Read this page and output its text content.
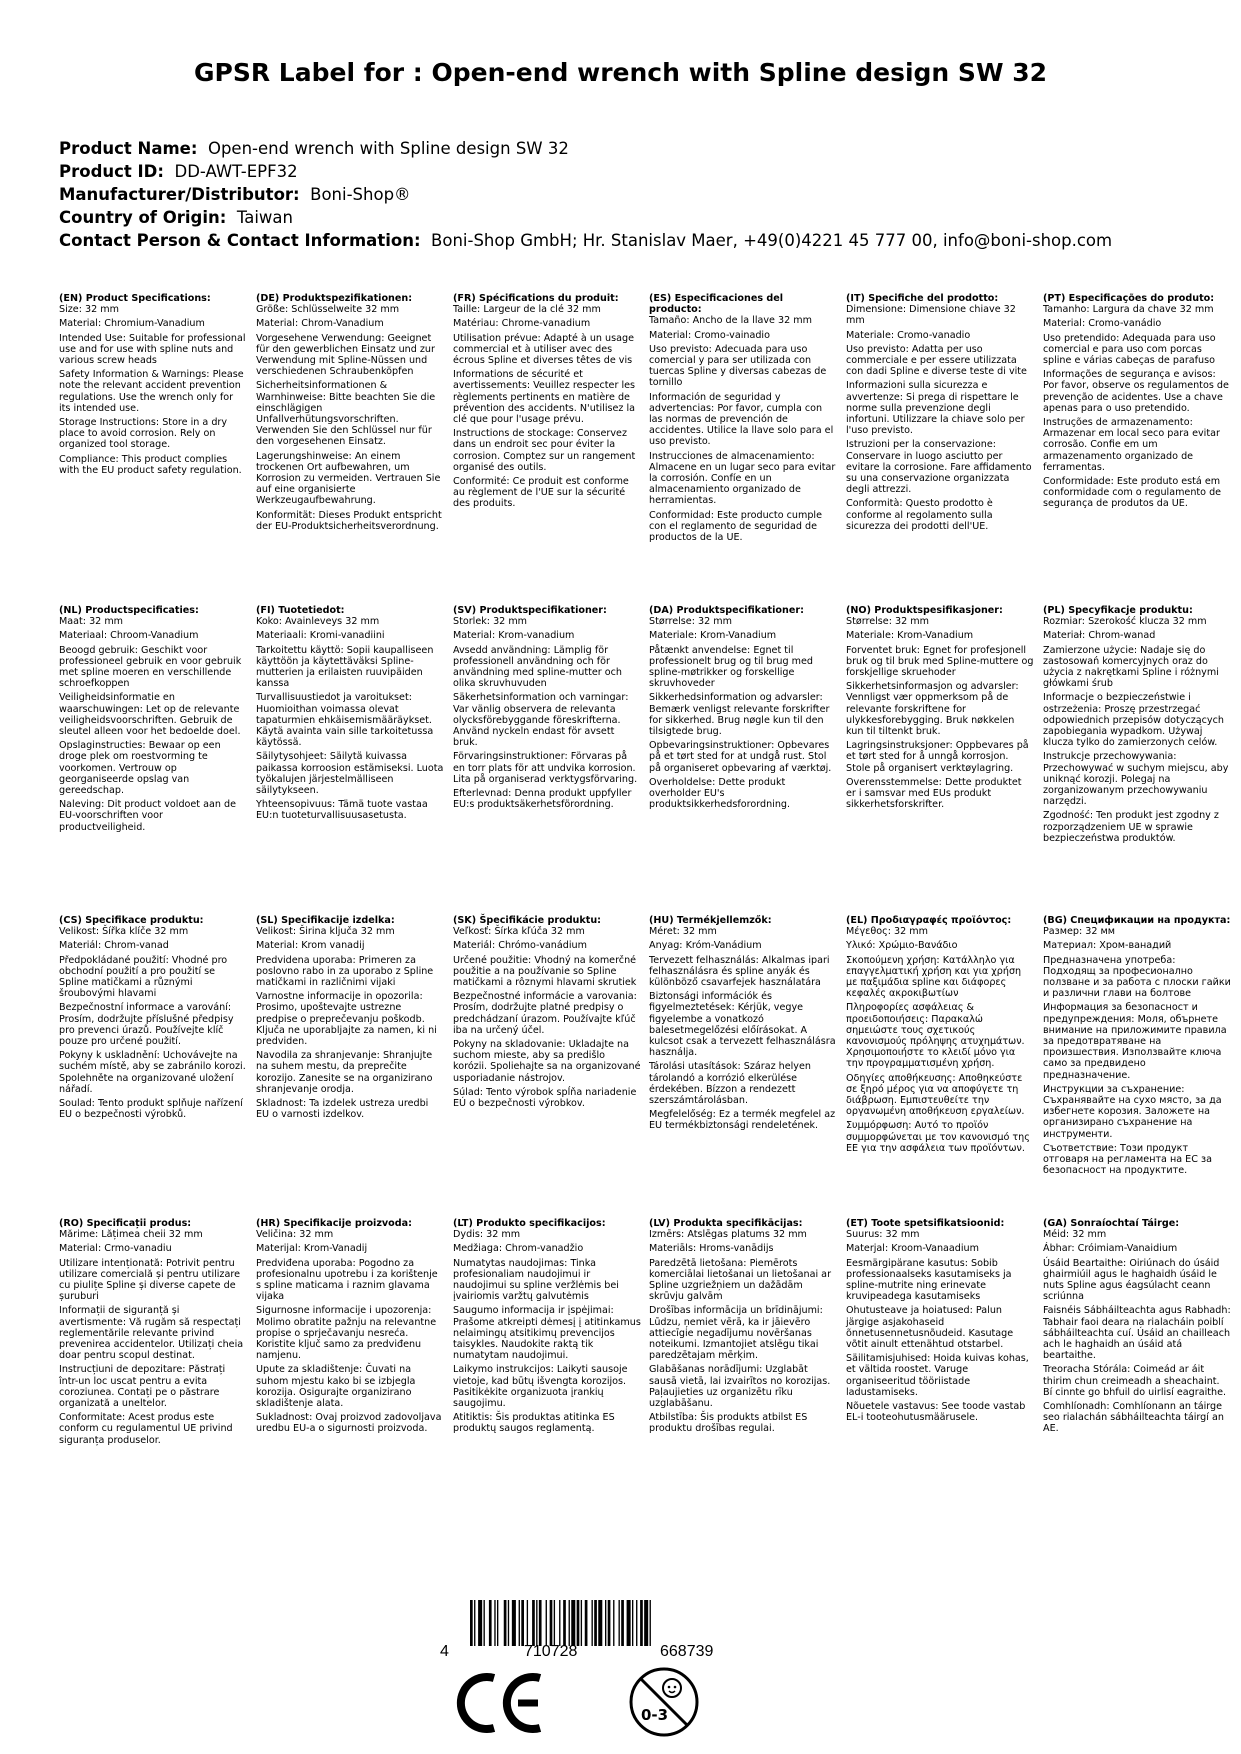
GPSR Label for : Open-end wrench with Spline design SW 32
Product Name: Open-end wrench with Spline design SW 32
Product ID: DD-AWT-EPF32
Manufacturer/Distributor: Boni-Shop®
Country of Origin: Taiwan
Contact Person & Contact Information: Boni-Shop GmbH; Hr. Stanislav Maer, +49(0)4221 45 777 00, info@boni-shop.com
(EN) Product Specifications:
Size: 32 mm
Material: Chromium-Vanadium
Intended Use: Suitable for professional use and for use with spline nuts and various screw heads
Safety Information & Warnings: Please note the relevant accident prevention regulations. Use the wrench only for its intended use.
Storage Instructions: Store in a dry place to avoid corrosion. Rely on organized tool storage.
Compliance: This product complies with the EU product safety regulation.
(DE) Produktspezifikationen:
Größe: Schlüsselweite 32 mm
Material: Chrom-Vanadium
Vorgesehene Verwendung: Geeignet für den gewerblichen Einsatz und zur Verwendung mit Spline-Nüssen und verschiedenen Schraubenköpfen
Sicherheitsinformationen & Warnhinweise: Bitte beachten Sie die einschlägigen Unfallverhütungsvorschriften. Verwenden Sie den Schlüssel nur für den vorgesehenen Einsatz.
Lagerungshinweise: An einem trockenen Ort aufbewahren, um Korrosion zu vermeiden. Vertrauen Sie auf eine organisierte Werkzeugaufbewahrung.
Konformität: Dieses Produkt entspricht der EU-Produktsicherheitsverordnung.
(FR) Spécifications du produit:
Taille: Largeur de la clé 32 mm
Matériau: Chrome-vanadium
Utilisation prévue: Adapté à un usage commercial et à utiliser avec des écrous Spline et diverses têtes de vis
Informations de sécurité et avertissements: Veuillez respecter les règlements pertinents en matière de prévention des accidents. N'utilisez la clé que pour l'usage prévu.
Instructions de stockage: Conservez dans un endroit sec pour éviter la corrosion. Comptez sur un rangement organisé des outils.
Conformité: Ce produit est conforme au règlement de l'UE sur la sécurité des produits.
(ES) Especificaciones del producto:
Tamaño: Ancho de la llave 32 mm
Material: Cromo-vainadio
Uso previsto: Adecuada para uso comercial y para ser utilizada con tuercas Spline y diversas cabezas de tornillo
Información de seguridad y advertencias: Por favor, cumpla con las normas de prevención de accidentes. Utilice la llave solo para el uso previsto.
Instrucciones de almacenamiento: Almacene en un lugar seco para evitar la corrosión. Confíe en un almacenamiento organizado de herramientas.
Conformidad: Este producto cumple con el reglamento de seguridad de productos de la UE.
(IT) Specifiche del prodotto:
Dimensione: Dimensione chiave 32 mm
Materiale: Cromo-vanadio
Uso previsto: Adatta per uso commerciale e per essere utilizzata con dadi Spline e diverse teste di vite
Informazioni sulla sicurezza e avvertenze: Si prega di rispettare le norme sulla prevenzione degli infortuni. Utilizzare la chiave solo per l'uso previsto.
Istruzioni per la conservazione: Conservare in luogo asciutto per evitare la corrosione. Fare affidamento su una conservazione organizzata degli attrezzi.
Conformità: Questo prodotto è conforme al regolamento sulla sicurezza dei prodotti dell'UE.
(PT) Especificações do produto:
Tamanho: Largura da chave 32 mm
Material: Cromo-vanádio
Uso pretendido: Adequada para uso comercial e para uso com porcas spline e várias cabeças de parafuso
Informações de segurança e avisos: Por favor, observe os regulamentos de prevenção de acidentes. Use a chave apenas para o uso pretendido.
Instruções de armazenamento: Armazenar em local seco para evitar corrosão. Confie em um armazenamento organizado de ferramentas.
Conformidade: Este produto está em conformidade com o regulamento de segurança de produtos da UE.
(NL) Productspecificaties:
Maat: 32 mm
Materiaal: Chroom-Vanadium
Beoogd gebruik: Geschikt voor professioneel gebruik en voor gebruik met spline moeren en verschillende schroefkoppen
Veiligheidsinformatie en waarschuwingen: Let op de relevante veiligheidsvoorschriften. Gebruik de sleutel alleen voor het bedoelde doel.
Opslaginstructies: Bewaar op een droge plek om roestvorming te voorkomen. Vertrouw op georganiseerde opslag van gereedschap.
Naleving: Dit product voldoet aan de EU-voorschriften voor productveiligheid.
(FI) Tuotetiedot:
Koko: Avainleveys 32 mm
Materiaali: Kromi-vanadiini
Tarkoitettu käyttö: Sopii kaupalliseen käyttöön ja käytettäväksi Spline-mutterien ja erilaisten ruuvipäiden kanssa
Turvallisuustiedot ja varoitukset: Huomioithan voimassa olevat tapaturmien ehkäisemismääräykset. Käytä avainta vain sille tarkoitetussa käytössä.
Säilytysohjeet: Säilytä kuivassa paikassa korroosion estämiseksi. Luota työkalujen järjestelmälliseen säilytykseen.
Yhteensopivuus: Tämä tuote vastaa EU:n tuoteturvallisuusasetusta.
(SV) Produktspecifikationer:
Storlek: 32 mm
Material: Krom-vanadium
Avsedd användning: Lämplig för professionell användning och för användning med spline-mutter och olika skruvhuvuden
Säkerhetsinformation och varningar: Var vänlig observera de relevanta olycksförebyggande föreskrifterna. Använd nyckeln endast för avsett bruk.
Förvaringsinstruktioner: Förvaras på en torr plats för att undvika korrosion. Lita på organiserad verktygsförvaring.
Efterlevnad: Denna produkt uppfyller EU:s produktsäkerhetsförordning.
(DA) Produktspecifikationer:
Størrelse: 32 mm
Materiale: Krom-Vanadium
Påtænkt anvendelse: Egnet til professionelt brug og til brug med spline-møtrikker og forskellige skruvhoveder
Sikkerhedsinformation og advarsler: Bemærk venligst relevante forskrifter for sikkerhed. Brug nøgle kun til den tilsigtede brug.
Opbevaringsinstruktioner: Opbevares på et tørt sted for at undgå rust. Stol på organiseret opbevaring af værktøj.
Overholdelse: Dette produkt overholder EU's produktsikkerhedsforordning.
(NO) Produktspesifikasjoner:
Størrelse: 32 mm
Materiale: Krom-Vanadium
Forventet bruk: Egnet for profesjonell bruk og til bruk med Spline-muttere og forskjellige skruehoder
Sikkerhetsinformasjon og advarsler: Vennligst vær oppmerksom på de relevante forskriftene for ulykkesforebygging. Bruk nøkkelen kun til tiltenkt bruk.
Lagringsinstruksjoner: Oppbevares på et tørt sted for å unngå korrosjon. Stole på organisert verktøylagring.
Overensstemmelse: Dette produktet er i samsvar med EUs produkt sikkerhetsforskrifter.
(PL) Specyfikacje produktu:
Rozmiar: Szerokość klucza 32 mm
Materiał: Chrom-wanad
Zamierzone użycie: Nadaje się do zastosowań komercyjnych oraz do użycia z nakrętkami Spline i różnymi główkami śrub
Informacje o bezpieczeństwie i ostrzeżenia: Proszę przestrzegać odpowiednich przepisów dotyczących zapobiegania wypadkom. Używaj klucza tylko do zamierzonych celów.
Instrukcje przechowywania: Przechowywać w suchym miejscu, aby uniknąć korozji. Polegaj na zorganizowanym przechowywaniu narzędzi.
Zgodność: Ten produkt jest zgodny z rozporządzeniem UE w sprawie bezpieczeństwa produktów.
(CS) Specifikace produktu:
Velikost: Šířka klíče 32 mm
Materiál: Chrom-vanad
Předpokládané použití: Vhodné pro obchodní použití a pro použití se Spline matičkami a různými šroubovými hlavami
Bezpečnostní informace a varování: Prosím, dodržujte příslušné předpisy pro prevenci úrazů. Používejte klíč pouze pro určené použití.
Pokyny k uskladnění: Uchovávejte na suchém místě, aby se zabránilo korozi. Spolehněte na organizované uložení nářadí.
Soulad: Tento produkt splňuje nařízení EU o bezpečnosti výrobků.
(SL) Specifikacije izdelka:
Velikost: Širina ključa 32 mm
Material: Krom vanadij
Predvidena uporaba: Primeren za poslovno rabo in za uporabo z Spline matičkami in različnimi vijaki
Varnostne informacije in opozorila: Prosimo, upoštevajte ustrezne predpise o preprečevanju poškodb. Ključa ne uporabljajte za namen, ki ni predviden.
Navodila za shranjevanje: Shranjujte na suhem mestu, da preprečite korozijo. Zanesite se na organizirano shranjevanje orodja.
Skladnost: Ta izdelek ustreza uredbi EU o varnosti izdelkov.
(SK) Špecifikácie produktu:
Veľkosť: Šírka kľúča 32 mm
Materiál: Chrómo-vanádium
Určené použitie: Vhodný na komerčné použitie a na používanie so Spline matičkami a rôznymi hlavami skrutiek
Bezpečnostné informácie a varovania: Prosím, dodržujte platné predpisy o predchádzaní úrazom. Používajte kľúč iba na určený účel.
Pokyny na skladovanie: Ukladajte na suchom mieste, aby sa predišlo korózii. Spoliehajte sa na organizované usporiadanie nástrojov.
Súlad: Tento výrobok spĺňa nariadenie EÚ o bezpečnosti výrobkov.
(HU) Termékjellemzők:
Méret: 32 mm
Anyag: Króm-Vanádium
Tervezett felhasználás: Alkalmas ipari felhasználásra és spline anyák és különböző csavarfejek használatára
Biztonsági információk és figyelmeztetések: Kérjük, vegye figyelembe a vonatkozó balesetmegelőzési előírásokat. A kulcsot csak a tervezett felhasználásra használja.
Tárolási utasítások: Száraz helyen tárolandó a korrózió elkerülése érdekében. Bízzon a rendezett szerszámtárolásban.
Megfelelőség: Ez a termék megfelel az EU termékbiztonsági rendeletének.
(EL) Προδιαγραφές προϊόντος:
Μέγεθος: 32 mm
Υλικό: Χρώμιο-Βανάδιο
Σκοπούμενη χρήση: Κατάλληλο για επαγγελματική χρήση και για χρήση με παξιμάδια spline και διάφορες κεφαλές ακροκιβωτίων
Πληροφορίες ασφάλειας & προειδοποιήσεις: Παρακαλώ σημειώστε τους σχετικούς κανονισμούς πρόληψης ατυχημάτων. Χρησιμοποιήστε το κλειδί μόνο για την προγραμματισμένη χρήση.
Οδηγίες αποθήκευσης: Αποθηκεύστε σε ξηρό μέρος για να αποφύγετε τη διάβρωση. Εμπιστευθείτε την οργανωμένη αποθήκευση εργαλείων.
Συμμόρφωση: Αυτό το προϊόν συμμορφώνεται με τον κανονισμό της ΕΕ για την ασφάλεια των προϊόντων.
(BG) Спецификации на продукта:
Размер: 32 мм
Материал: Хром-ванадий
Предназначена употреба: Подходящ за професионално ползване и за работа с плоски гайки и различни глави на болтове
Информация за безопасност и предупреждения: Моля, обърнете внимание на приложимите правила за предотвратяване на произшествия. Използвайте ключа само за предвидено предназначение.
Инструкции за съхранение: Съхранявайте на сухо място, за да избегнете корозия. Заложете на организирано съхранение на инструменти.
Съответствие: Този продукт отговаря на регламента на ЕС за безопасност на продуктите.
(RO) Specificații produs:
Mărime: Lățimea cheii 32 mm
Material: Crmo-vanadiu
Utilizare intenționată: Potrivit pentru utilizare comercială și pentru utilizare cu piulițe Spline și diverse capete de șuruburi
Informații de siguranță și avertismente: Vă rugăm să respectați reglementările relevante privind prevenirea accidentelor. Utilizați cheia doar pentru scopul destinat.
Instrucțiuni de depozitare: Păstrați într-un loc uscat pentru a evita coroziunea. Contați pe o păstrare organizată a uneltelor.
Conformitate: Acest produs este conform cu regulamentul UE privind siguranța produselor.
(HR) Specifikacije proizvoda:
Veličina: 32 mm
Materijal: Krom-Vanadij
Predviđena uporaba: Pogodno za profesionalnu upotrebu i za korištenje s spline maticama i raznim glavama vijaka
Sigurnosne informacije i upozorenja: Molimo obratite pažnju na relevantne propise o sprječavanju nesreća. Koristite ključ samo za predviđenu namjenu.
Upute za skladištenje: Čuvati na suhom mjestu kako bi se izbjegla korozija. Osigurajte organizirano skladištenje alata.
Sukladnost: Ovaj proizvod zadovoljava uredbu EU-a o sigurnosti proizvoda.
(LT) Produkto specifikacijos:
Dydis: 32 mm
Medžiaga: Chrom-vanadžio
Numatytas naudojimas: Tinka profesionaliam naudojimui ir naudojimui su spline veržlėmis bei įvairiomis varžtų galvutėmis
Saugumo informacija ir įspėjimai: Prašome atkreipti dėmesį į atitinkamus nelaimingų atsitikimų prevencijos taisykles. Naudokite raktą tik numatytam naudojimui.
Laikymo instrukcijos: Laikyti sausoje vietoje, kad būtų išvengta korozijos. Pasitikėkite organizuota įrankių saugojimu.
Atitiktis: Šis produktas atitinka ES produktų saugos reglamentą.
(LV) Produkta specifikācijas:
Izmērs: Atslēgas platums 32 mm
Materiāls: Hroms-vanādijs
Paredzētā lietošana: Piemērots komerciālai lietošanai un lietošanai ar Spline uzgriežņiem un dažādām skrūvju galvām
Drošības informācija un brīdinājumi: Lūdzu, ņemiet vērā, ka ir jāievēro attiecīgie negadījumu novēršanas noteikumi. Izmantojiet atslēgu tikai paredzētajam mērķim.
Glabāšanas norādījumi: Uzglabāt sausā vietā, lai izvairītos no korozijas. Paļaujieties uz organizētu rīku uzglabāšanu.
Atbilstība: Šis produkts atbilst ES produktu drošības regulai.
(ET) Toote spetsifikatsioonid:
Suurus: 32 mm
Materjal: Kroom-Vanaadium
Eesmärgipärane kasutus: Sobib professionaalseks kasutamiseks ja spline-mutrite ning erinevate kruvipeadega kasutamiseks
Ohutusteave ja hoiatused: Palun järgige asjakohaseid õnnetusennetusnõudeid. Kasutage võtit ainult ettenähtud otstarbel.
Säilitamisjuhised: Hoida kuivas kohas, et vältida roostet. Varuge organiseeritud tööriistade ladustamiseks.
Nõuetele vastavus: See toode vastab EL-i tooteohutusmäärusele.
(GA) Sonraíochtaí Táirge:
Méid: 32 mm
Ábhar: Cróimiam-Vanaidium
Úsáid Beartaithe: Oiriúnach do úsáid ghairmiúil agus le haghaidh úsáid le nuts Spline agus éagsúlacht ceann scriúnna
Faisnéis Sábháilteachta agus Rabhadh: Tabhair faoi deara na rialacháin poiblí sábháilteachta cuí. Úsáid an chailleach ach le haghaidh an úsáid atá beartaithe.
Treoracha Stórála: Coimeád ar áit thirim chun creimeadh a sheachaint. Bí cinnte go bhfuil do uirlisí eagraithe.
Comhlíonadh: Comhlíonann an táirge seo rialachán sábháilteachta táirgí an AE.
4	710728	668739
0-3
